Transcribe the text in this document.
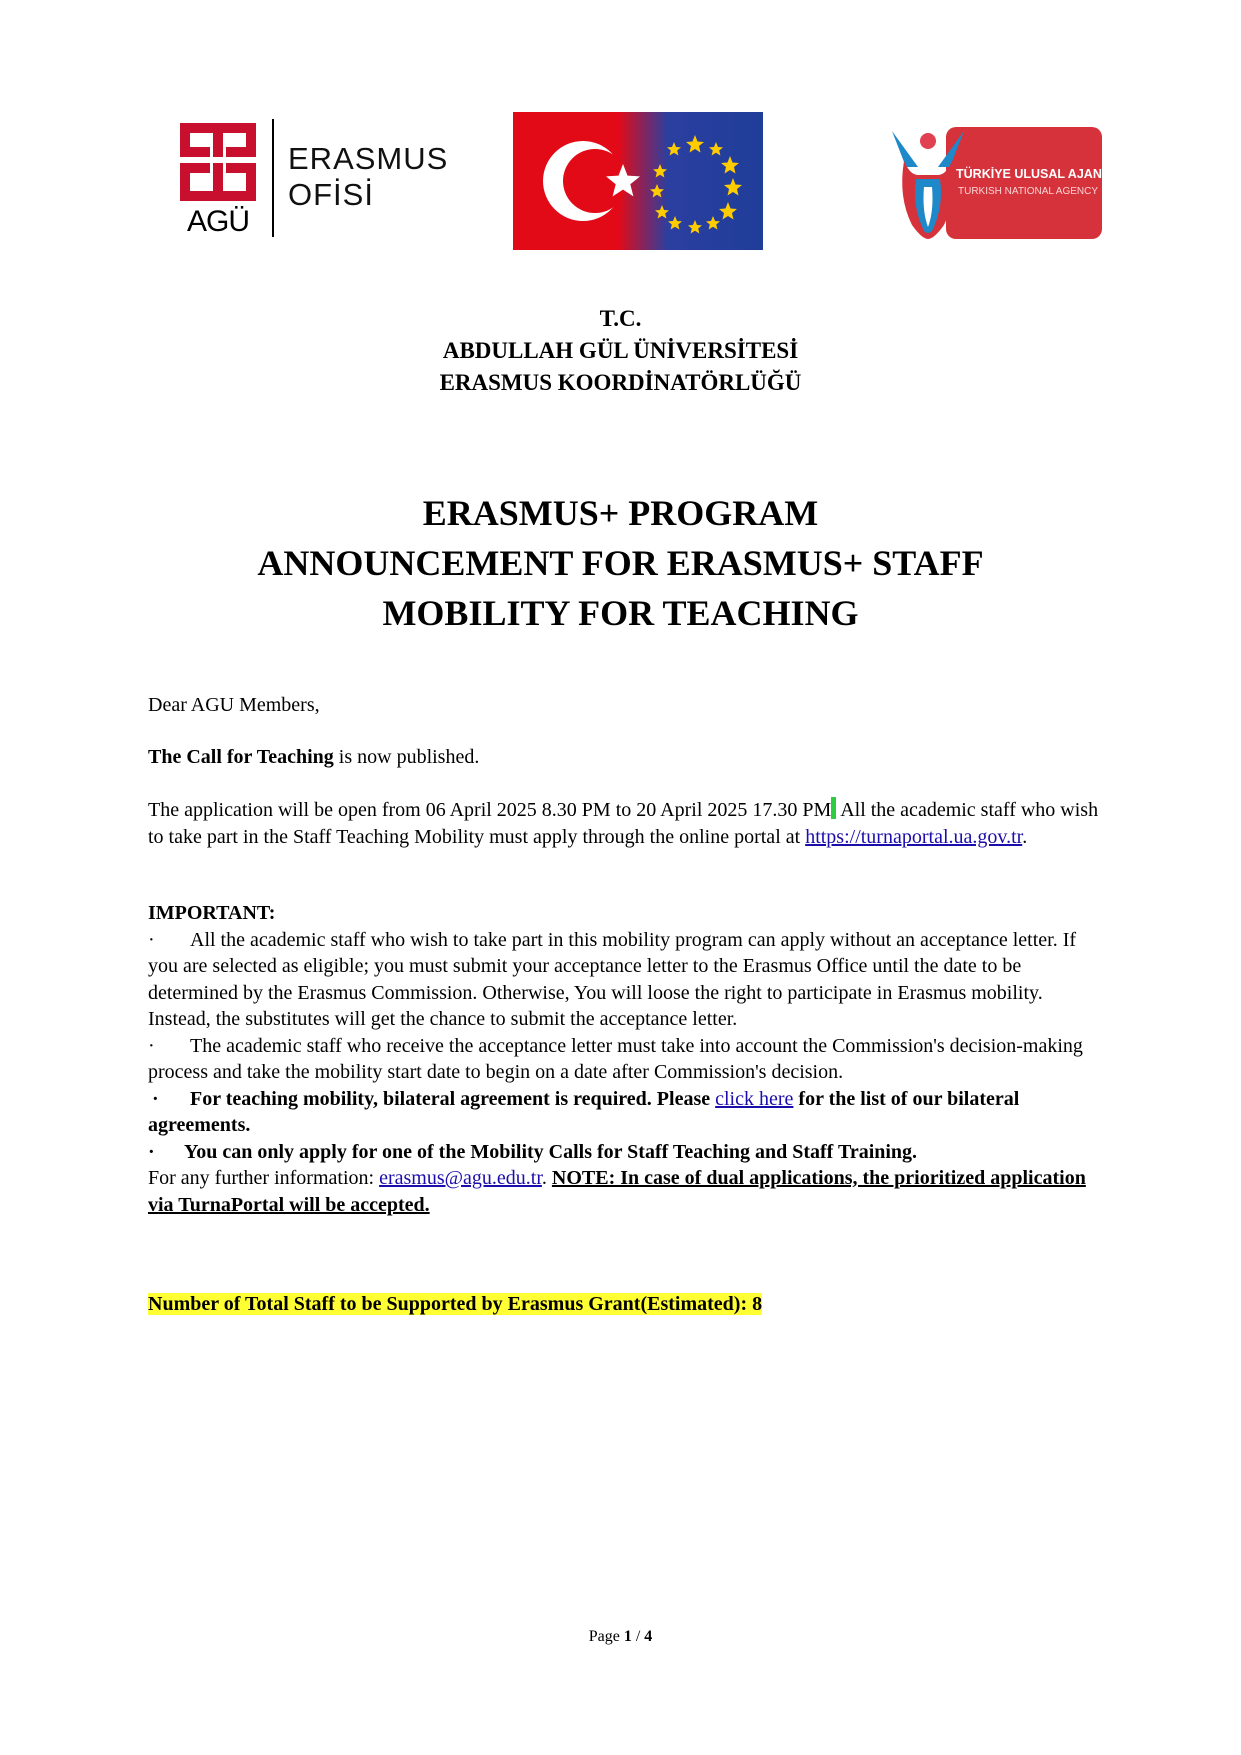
AGÜ
ERASMUS
OFİSİ
TÜRKİYE ULUSAL AJANSI
TURKISH NATIONAL AGENCY
T.C.
ABDULLAH GÜL ÜNİVERSİTESİ
ERASMUS KOORDİNATÖRLÜĞÜ
ERASMUS+ PROGRAM
ANNOUNCEMENT FOR ERASMUS+ STAFF
MOBILITY FOR TEACHING
Dear AGU Members,
The Call for Teaching is now published.
The application will be open from 06 April 2025 8.30 PM to 20 April 2025 17.30 PM All the academic staff who wish to take part in the Staff Teaching Mobility must apply through the online portal at https://turnaportal.ua.gov.tr.

IMPORTANT:

· All the academic staff who wish to take part in this mobility program can apply without an acceptance letter. If you are selected as eligible; you must submit your acceptance letter to the Erasmus Office until the date to be determined by the Erasmus Commission. Otherwise, You will loose the right to participate in Erasmus mobility. Instead, the substitutes will get the chance to submit the acceptance letter.

· The academic staff who receive the acceptance letter must take into account the Commission's decision-making process and take the mobility start date to begin on a date after Commission's decision.

· For teaching mobility, bilateral agreement is required. Please click here for the list of our bilateral agreements.

· You can only apply for one of the Mobility Calls for Staff Teaching and Staff Training.

For any further information: erasmus@agu.edu.tr. NOTE: In case of dual applications, the prioritized application via TurnaPortal will be accepted.

Number of Total Staff to be Supported by Erasmus Grant(Estimated): 8
Page 1 / 4
